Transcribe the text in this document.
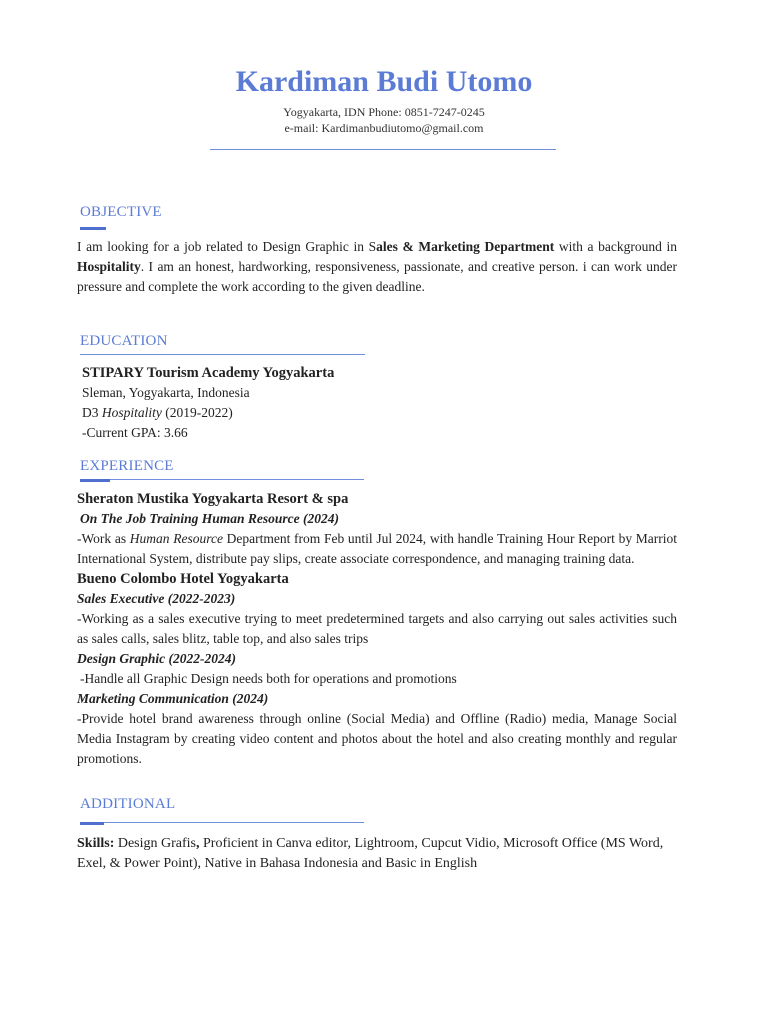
Kardiman Budi Utomo
Yogyakarta, IDN Phone: 0851-7247-0245
e-mail: Kardimanbudiutomo@gmail.com
OBJECTIVE
I am looking for a job related to Design Graphic in Sales & Marketing Department with a background in Hospitality. I am an honest, hardworking, responsiveness, passionate, and creative person. i can work under pressure and complete the work according to the given deadline.
EDUCATION

STIPARY Tourism Academy Yogyakarta

Sleman, Yogyakarta, Indonesia

D3 Hospitality (2019-2022)

-Current GPA: 3.66

EXPERIENCE

Sheraton Mustika Yogyakarta Resort & spa

On The Job Training Human Resource (2024)

-Work as Human Resource Department from Feb until Jul 2024, with handle Training Hour Report by Marriot International System, distribute pay slips, create associate correspondence, and managing training data.

Bueno Colombo Hotel Yogyakarta

Sales Executive (2022-2023)

-Working as a sales executive trying to meet predetermined targets and also carrying out sales activities such as sales calls, sales blitz, table top, and also sales trips

Design Graphic (2022-2024)

-Handle all Graphic Design needs both for operations and promotions

Marketing Communication (2024)

-Provide hotel brand awareness through online (Social Media) and Offline (Radio) media, Manage Social Media Instagram by creating video content and photos about the hotel and also creating monthly and regular promotions.

ADDITIONAL
Skills: Design Grafis, Proficient in Canva editor, Lightroom, Cupcut Vidio, Microsoft Office (MS Word, Exel, & Power Point), Native in Bahasa Indonesia and Basic in English
